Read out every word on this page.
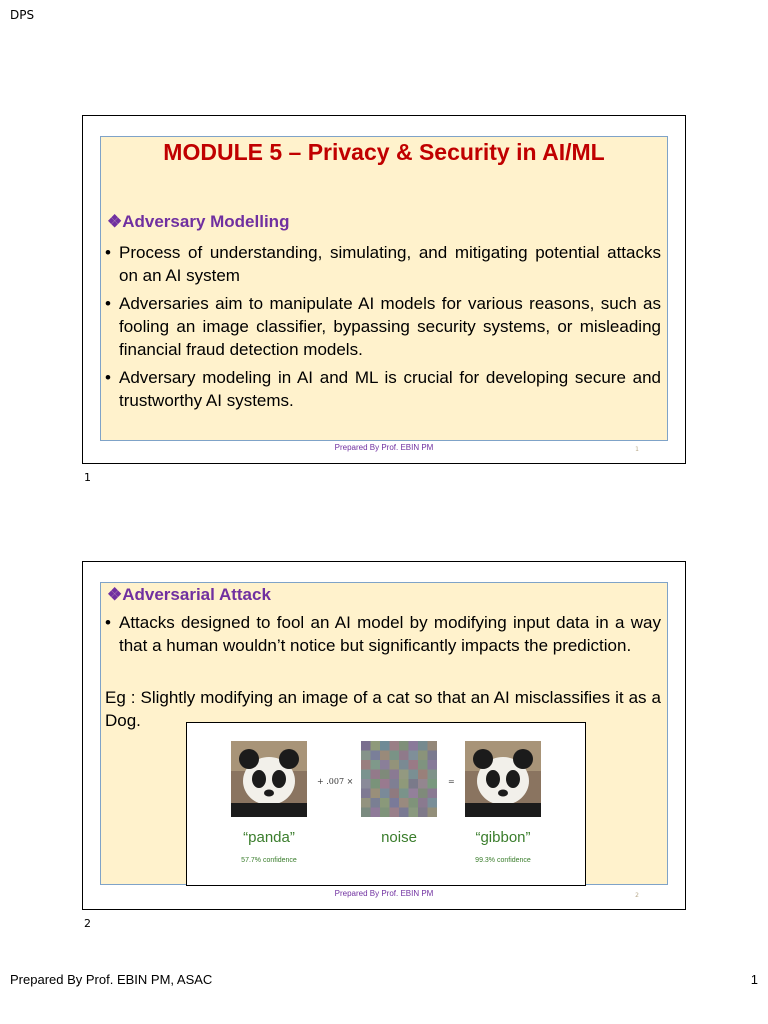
DPS
MODULE 5 – Privacy & Security in AI/ML
❖Adversary Modelling
• Process of understanding, simulating, and mitigating potential attacks on an AI system
• Adversaries aim to manipulate AI models for various reasons, such as fooling an image classifier, bypassing security systems, or misleading financial fraud detection models.
• Adversary modeling in AI and ML is crucial for developing secure and trustworthy AI systems.
Prepared By Prof. EBIN PM	1
1
❖Adversarial Attack
• Attacks designed to fool an AI model by modifying input data in a way that a human wouldn’t notice but significantly impacts the prediction.

Eg : Slightly modifying an image of a cat so that an AI misclassifies it as a Dog.

Prepared By Prof. EBIN PM	2
+ .007 ×	=
“panda”
57.7% confidence
noise	“gibbon”
99.3% confidence
2
Prepared By Prof. EBIN PM, ASAC	1
